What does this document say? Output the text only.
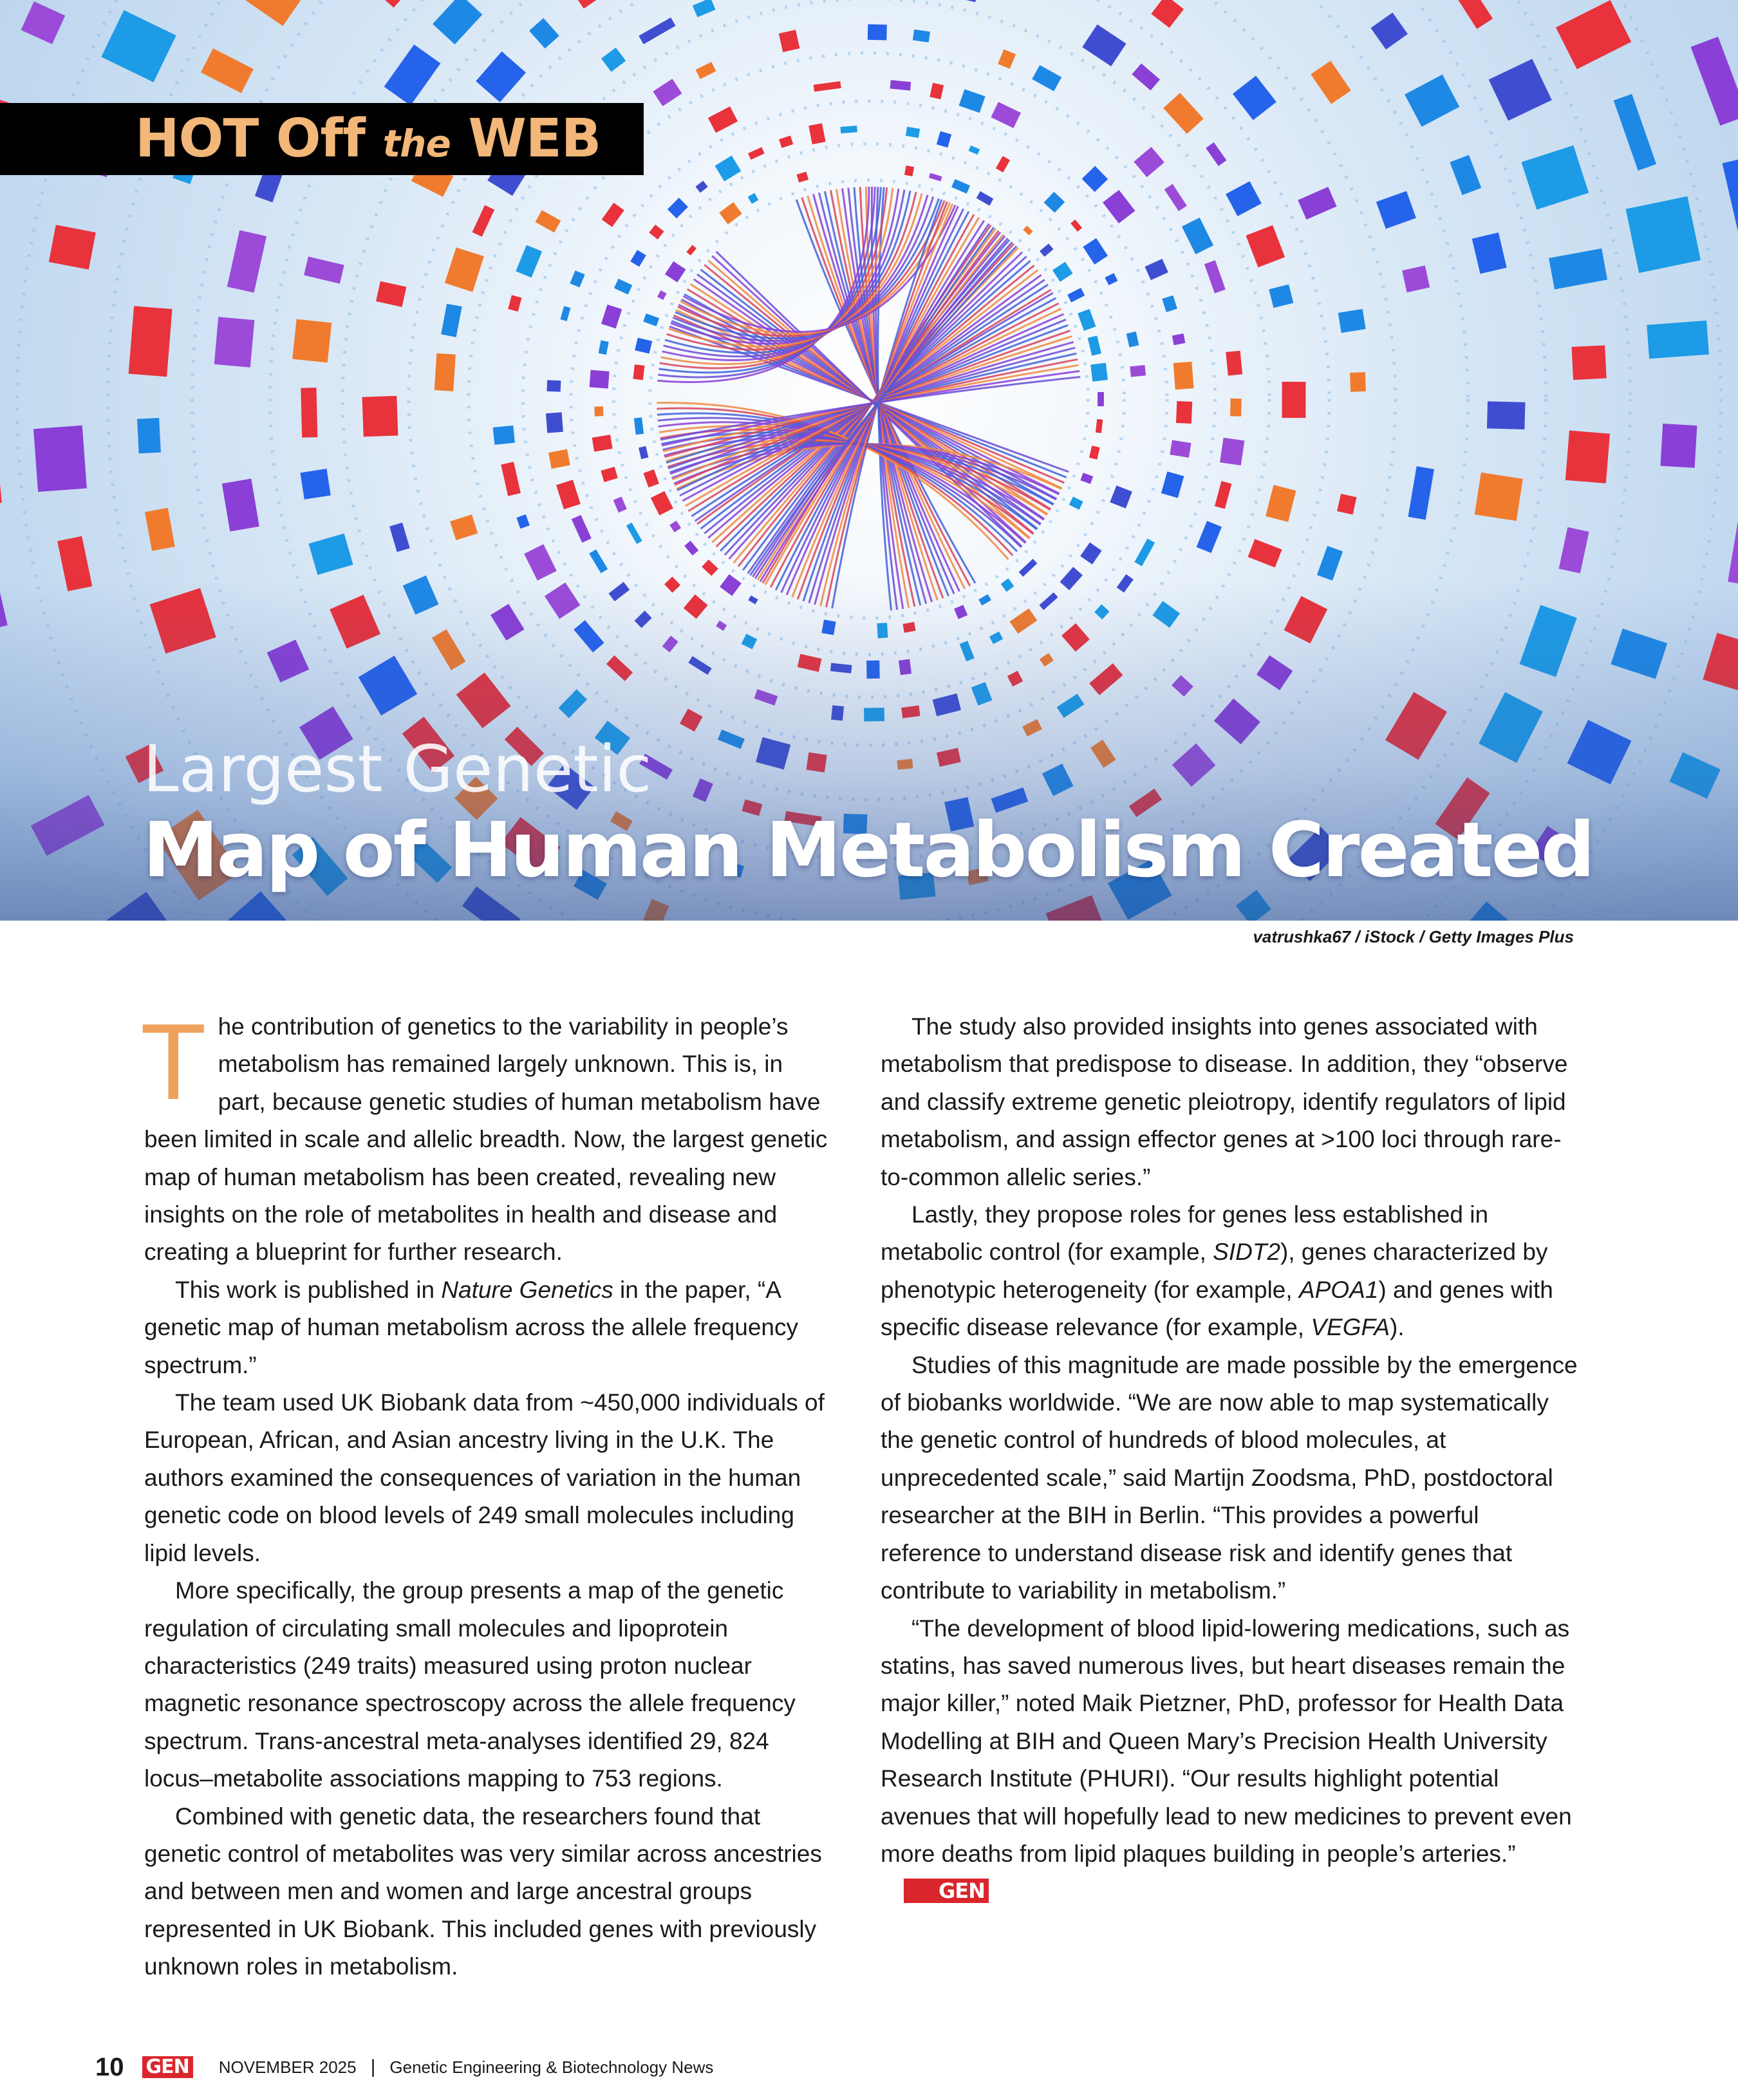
HOT Off the WEB
Largest Genetic
Map of Human Metabolism Created
vatrushka67 / iStock / Getty Images Plus

The contribution of genetics to the variability in people’s metabolism has remained largely unknown. This is, in part, because genetic studies of human metabolism have been limited in scale and allelic breadth. Now, the largest genetic map of human metabolism has been created, revealing new insights on the role of metabolites in health and disease and creating a blueprint for further research.

This work is published in Nature Genetics in the paper, “A genetic map of human metabolism across the allele frequency spectrum.”

The team used UK Biobank data from ~450,000 individuals of European, African, and Asian ancestry living in the U.K. The authors examined the consequences of variation in the human genetic code on blood levels of 249 small molecules including lipid levels.

More specifically, the group presents a map of the genetic regulation of circulating small molecules and lipoprotein characteristics (249 traits) measured using proton nuclear magnetic resonance spectroscopy across the allele frequency spectrum. Trans-ancestral meta-analyses identified 29, 824 locus–metabolite associations mapping to 753 regions.

Combined with genetic data, the researchers found that genetic control of metabolites was very similar across ancestries and between men and women and large ancestral groups represented in UK Biobank. This included genes with previously unknown roles in metabolism.

The study also provided insights into genes associated with metabolism that predispose to disease. In addition, they “observe and classify extreme genetic pleiotropy, identify regulators of lipid metabolism, and assign effector genes at >100 loci through rare-to-common allelic series.”

Lastly, they propose roles for genes less established in metabolic control (for example, SIDT2), genes characterized by phenotypic heterogeneity (for example, APOA1) and genes with specific disease relevance (for example, VEGFA).

Studies of this magnitude are made possible by the emergence of biobanks worldwide. “We are now able to map systematically the genetic control of hundreds of blood molecules, at unprecedented scale,” said Martijn Zoodsma, PhD, postdoctoral researcher at the BIH in Berlin. “This provides a powerful reference to understand disease risk and identify genes that contribute to variability in metabolism.”

“The development of blood lipid-lowering medications, such as statins, has saved numerous lives, but heart diseases remain the major killer,” noted Maik Pietzner, PhD, professor for Health Data Modelling at BIH and Queen Mary’s Precision Health University Research Institute (PHURI). “Our results highlight potential avenues that will hopefully lead to new medicines to prevent even more deaths from lipid plaques building in people’s arteries.”GEN

10 GEN NOVEMBER 2025 | Genetic Engineering & Biotechnology News
